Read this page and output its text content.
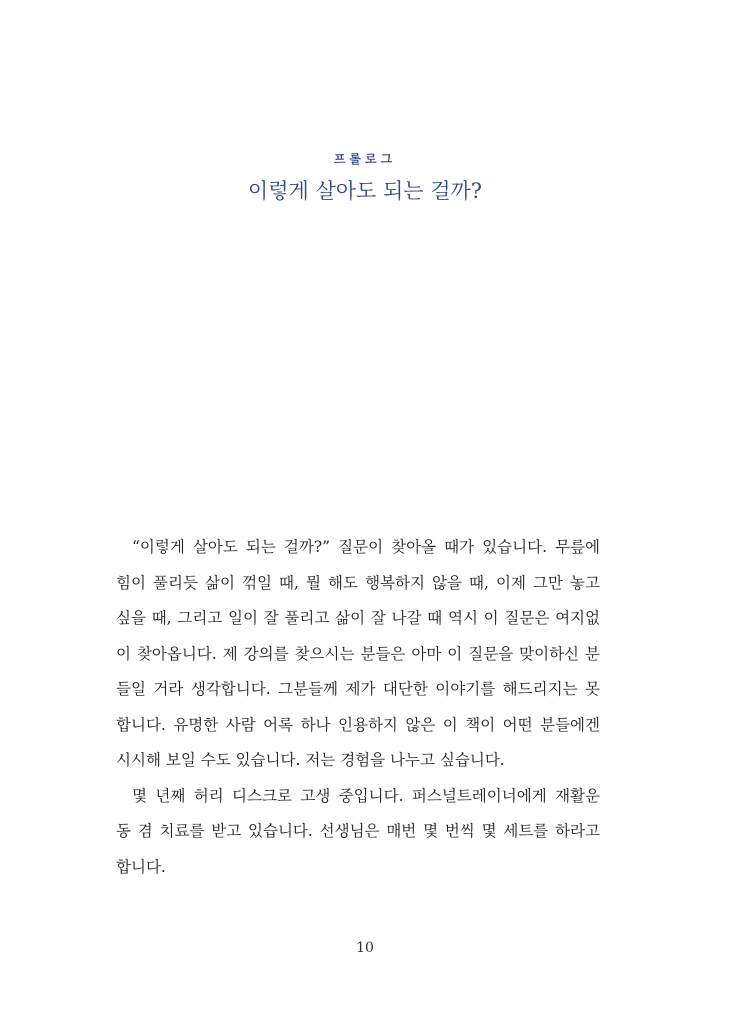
프롤로그
이렇게 살아도 되는 걸까?
“이렇게 살아도 되는 걸까?” 질문이 찾아올 때가 있습니다. 무릎에
힘이 풀리듯 삶이 꺾일 때, 뭘 해도 행복하지 않을 때, 이제 그만 놓고
싶을 때, 그리고 일이 잘 풀리고 삶이 잘 나갈 때 역시 이 질문은 여지없
이 찾아옵니다. 제 강의를 찾으시는 분들은 아마 이 질문을 맞이하신 분
들일 거라 생각합니다. 그분들께 제가 대단한 이야기를 해드리지는 못
합니다. 유명한 사람 어록 하나 인용하지 않은 이 책이 어떤 분들에겐
시시해 보일 수도 있습니다. 저는 경험을 나누고 싶습니다.
몇 년째 허리 디스크로 고생 중입니다. 퍼스널트레이너에게 재활운
동 겸 치료를 받고 있습니다. 선생님은 매번 몇 번씩 몇 세트를 하라고
합니다.
10
